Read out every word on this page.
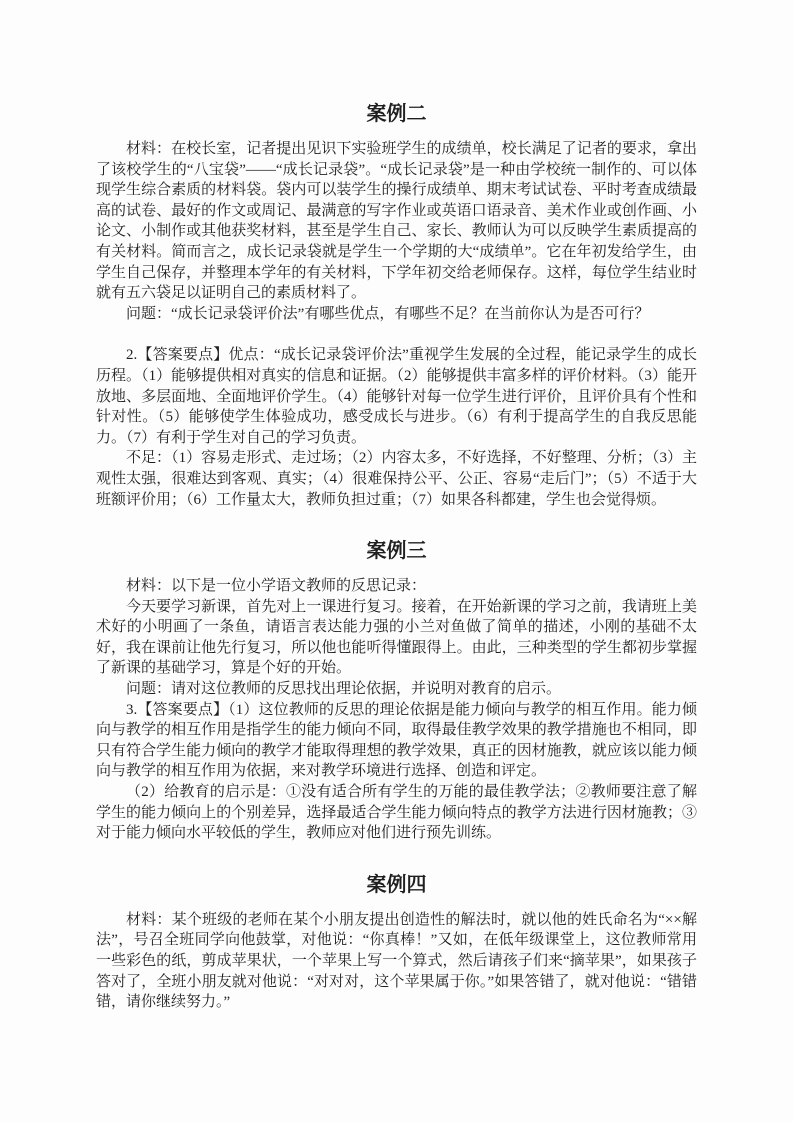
案例二

材料：在校长室，记者提出见识下实验班学生的成绩单，校长满足了记者的要求，拿出了该校学生的“八宝袋”——“成长记录袋”。“成长记录袋”是一种由学校统一制作的、可以体现学生综合素质的材料袋。袋内可以装学生的操行成绩单、期末考试试卷、平时考查成绩最高的试卷、最好的作文或周记、最满意的写字作业或英语口语录音、美术作业或创作画、小论文、小制作或其他获奖材料，甚至是学生自己、家长、教师认为可以反映学生素质提高的有关材料。简而言之，成长记录袋就是学生一个学期的大“成绩单”。它在年初发给学生，由学生自己保存，并整理本学年的有关材料，下学年初交给老师保存。这样，每位学生结业时就有五六袋足以证明自己的素质材料了。

问题：“成长记录袋评价法”有哪些优点，有哪些不足？在当前你认为是否可行？

2.【答案要点】优点：“成长记录袋评价法”重视学生发展的全过程，能记录学生的成长历程。（1）能够提供相对真实的信息和证据。（2）能够提供丰富多样的评价材料。（3）能开放地、多层面地、全面地评价学生。（4）能够针对每一位学生进行评价，且评价具有个性和针对性。（5）能够使学生体验成功，感受成长与进步。（6）有利于提高学生的自我反思能力。（7）有利于学生对自己的学习负责。

不足：（1）容易走形式、走过场；（2）内容太多，不好选择，不好整理、分析；（3）主观性太强，很难达到客观、真实；（4）很难保持公平、公正、容易“走后门”；（5）不适于大班额评价用；（6）工作量太大，教师负担过重；（7）如果各科都建，学生也会觉得烦。

案例三

材料：以下是一位小学语文教师的反思记录：

今天要学习新课，首先对上一课进行复习。接着，在开始新课的学习之前，我请班上美术好的小明画了一条鱼，请语言表达能力强的小兰对鱼做了简单的描述，小刚的基础不太好，我在课前让他先行复习，所以他也能听得懂跟得上。由此，三种类型的学生都初步掌握了新课的基础学习，算是个好的开始。

问题：请对这位教师的反思找出理论依据，并说明对教育的启示。

3.【答案要点】（1）这位教师的反思的理论依据是能力倾向与教学的相互作用。能力倾向与教学的相互作用是指学生的能力倾向不同，取得最佳教学效果的教学措施也不相同，即只有符合学生能力倾向的教学才能取得理想的教学效果，真正的因材施教，就应该以能力倾向与教学的相互作用为依据，来对教学环境进行选择、创造和评定。

（2）给教育的启示是：①没有适合所有学生的万能的最佳教学法；②教师要注意了解学生的能力倾向上的个别差异，选择最适合学生能力倾向特点的教学方法进行因材施教；③对于能力倾向水平较低的学生，教师应对他们进行预先训练。

案例四

材料：某个班级的老师在某个小朋友提出创造性的解法时，就以他的姓氏命名为“××解法”，号召全班同学向他鼓掌，对他说：“你真棒！”又如，在低年级课堂上，这位教师常用一些彩色的纸，剪成苹果状，一个苹果上写一个算式，然后请孩子们来“摘苹果”，如果孩子答对了，全班小朋友就对他说：“对对对，这个苹果属于你。”如果答错了，就对他说：“错错错，请你继续努力。”
